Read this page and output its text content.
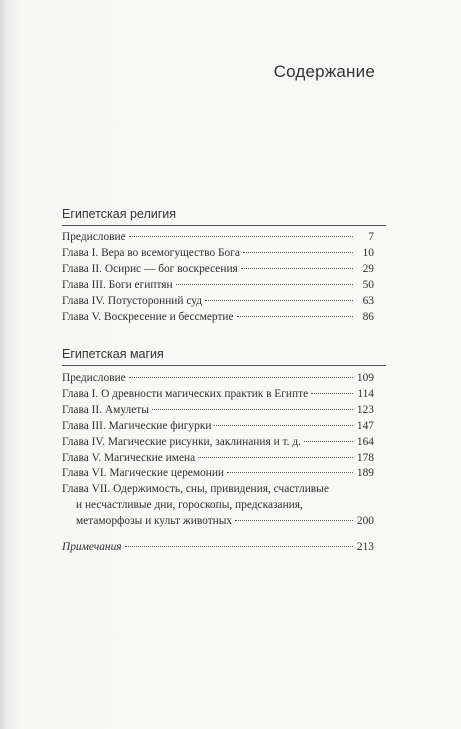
Содержание
Египетская религия
Предисловие	7
Глава I. Вера во всемогущество Бога	10
Глава II. Осирис — бог воскресения	29
Глава III. Боги египтян	50
Глава IV. Потусторонний суд	63
Глава V. Воскресение и бессмертие	86
Египетская магия
Предисловие	109
Глава I. О древности магических практик в Египте	114
Глава II. Амулеты	123
Глава III. Магические фигурки	147
Глава IV. Магические рисунки, заклинания и т. д.	164
Глава V. Магические имена	178
Глава VI. Магические церемонии	189
Глава VII. Одержимость, сны, привидения, счастливые
и несчастливые дни, гороскопы, предсказания,
метаморфозы и культ животных	200
Примечания	213
